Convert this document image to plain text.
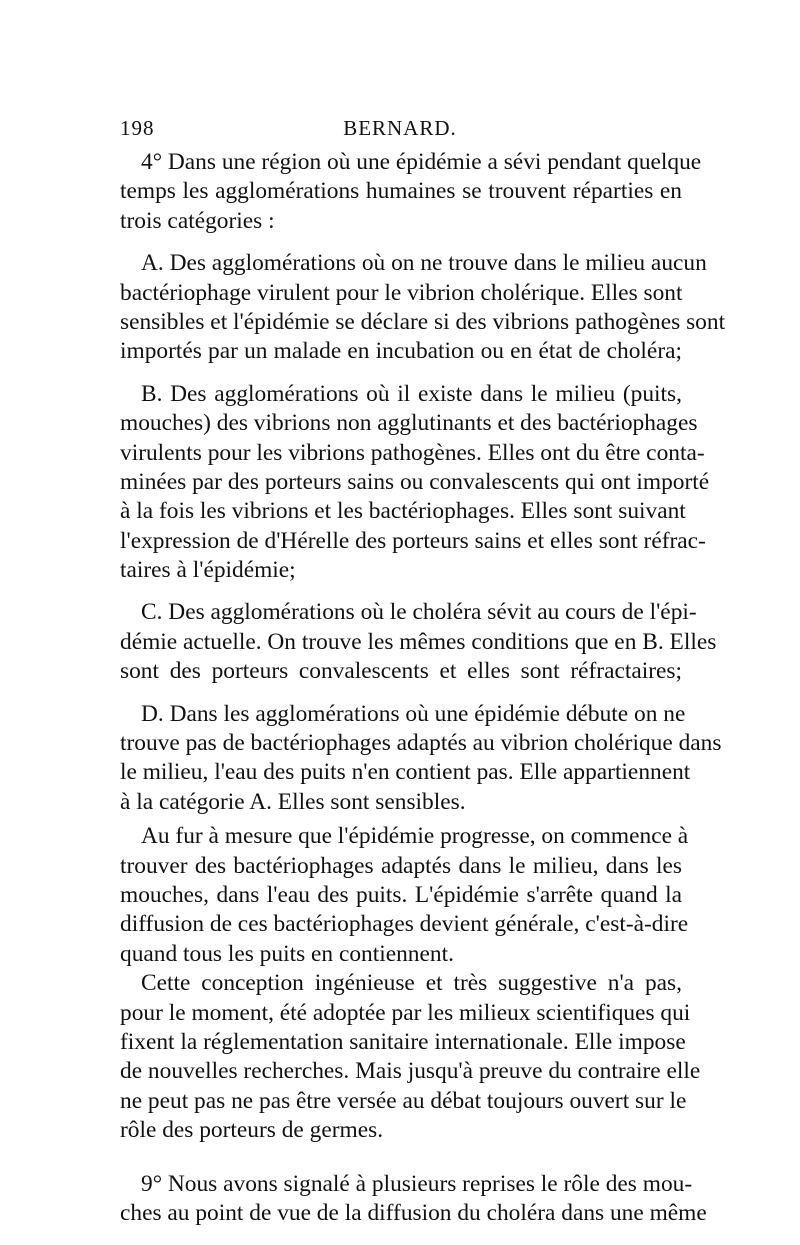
198	BERNARD.
4° Dans une région où une épidémie a sévi pendant quelque
temps les agglomérations humaines se trouvent réparties en
trois catégories :
A. Des agglomérations où on ne trouve dans le milieu aucun
bactériophage virulent pour le vibrion cholérique. Elles sont
sensibles et l'épidémie se déclare si des vibrions pathogènes sont
importés par un malade en incubation ou en état de choléra;
B. Des agglomérations où il existe dans le milieu (puits,
mouches) des vibrions non agglutinants et des bactériophages
virulents pour les vibrions pathogènes. Elles ont du être conta-
minées par des porteurs sains ou convalescents qui ont importé
à la fois les vibrions et les bactériophages. Elles sont suivant
l'expression de d'Hérelle des porteurs sains et elles sont réfrac-
taires à l'épidémie;
C. Des agglomérations où le choléra sévit au cours de l'épi-
démie actuelle. On trouve les mêmes conditions que en B. Elles
sont des porteurs convalescents et elles sont réfractaires;
D. Dans les agglomérations où une épidémie débute on ne
trouve pas de bactériophages adaptés au vibrion cholérique dans
le milieu, l'eau des puits n'en contient pas. Elle appartiennent
à la catégorie A. Elles sont sensibles.
Au fur à mesure que l'épidémie progresse, on commence à
trouver des bactériophages adaptés dans le milieu, dans les
mouches, dans l'eau des puits. L'épidémie s'arrête quand la
diffusion de ces bactériophages devient générale, c'est-à-dire
quand tous les puits en contiennent.
Cette conception ingénieuse et très suggestive n'a pas,
pour le moment, été adoptée par les milieux scientifiques qui
fixent la réglementation sanitaire internationale. Elle impose
de nouvelles recherches. Mais jusqu'à preuve du contraire elle
ne peut pas ne pas être versée au débat toujours ouvert sur le
rôle des porteurs de germes.
9° Nous avons signalé à plusieurs reprises le rôle des mou-
ches au point de vue de la diffusion du choléra dans une même
